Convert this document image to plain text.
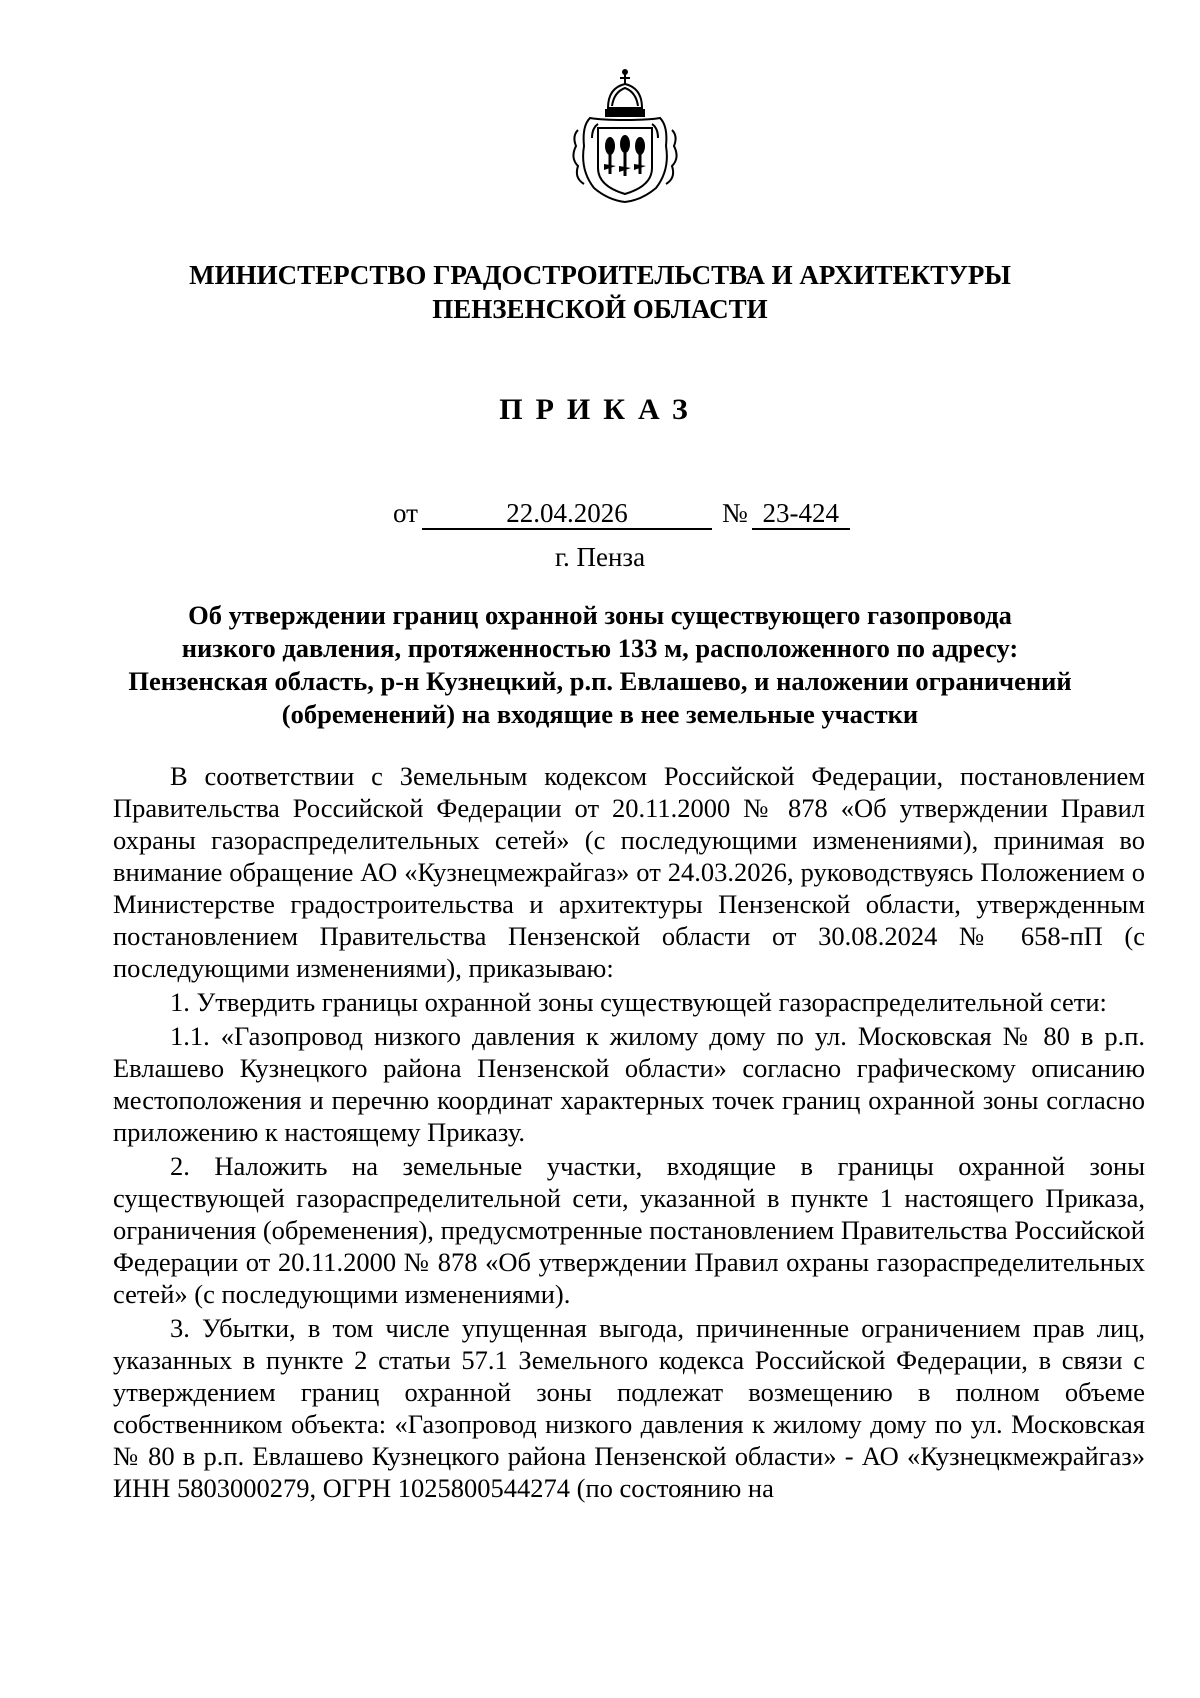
МИНИСТЕРСТВО ГРАДОСТРОИТЕЛЬСТВА И АРХИТЕКТУРЫ
ПЕНЗЕНСКОЙ ОБЛАСТИ
ПРИКАЗ
от	22.04.2026	№ 23-424
г. Пенза
Об утверждении границ охранной зоны существующего газопровода
низкого давления, протяженностью 133 м, расположенного по адресу:
Пензенская область, р-н Кузнецкий, р.п. Евлашево, и наложении ограничений
(обременений) на входящие в нее земельные участки

В соответствии с Земельным кодексом Российской Федерации, постановлением Правительства Российской Федерации от 20.11.2000 № 878 «Об утверждении Правил охраны газораспределительных сетей» (с последующими изменениями), принимая во внимание обращение АО «Кузнецмежрайгаз» от 24.03.2026, руководствуясь Положением о Министерстве градостроительства и архитектуры Пензенской области, утвержденным постановлением Правительства Пензенской области от 30.08.2024 № 658-пП (с последующими изменениями), приказываю:

1. Утвердить границы охранной зоны существующей газораспределительной сети:

1.1. «Газопровод низкого давления к жилому дому по ул. Московская № 80 в р.п. Евлашево Кузнецкого района Пензенской области» согласно графическому описанию местоположения и перечню координат характерных точек границ охранной зоны согласно приложению к настоящему Приказу.

2. Наложить на земельные участки, входящие в границы охранной зоны существующей газораспределительной сети, указанной в пункте 1 настоящего Приказа, ограничения (обременения), предусмотренные постановлением Правительства Российской Федерации от 20.11.2000 № 878 «Об утверждении Правил охраны газораспределительных сетей» (с последующими изменениями).

3. Убытки, в том числе упущенная выгода, причиненные ограничением прав лиц, указанных в пункте 2 статьи 57.1 Земельного кодекса Российской Федерации, в связи с утверждением границ охранной зоны подлежат возмещению в полном объеме собственником объекта: «Газопровод низкого давления к жилому дому по ул. Московская № 80 в р.п. Евлашево Кузнецкого района Пензенской области» - АО «Кузнецкмежрайгаз» ИНН 5803000279, ОГРН 1025800544274 (по состоянию на
